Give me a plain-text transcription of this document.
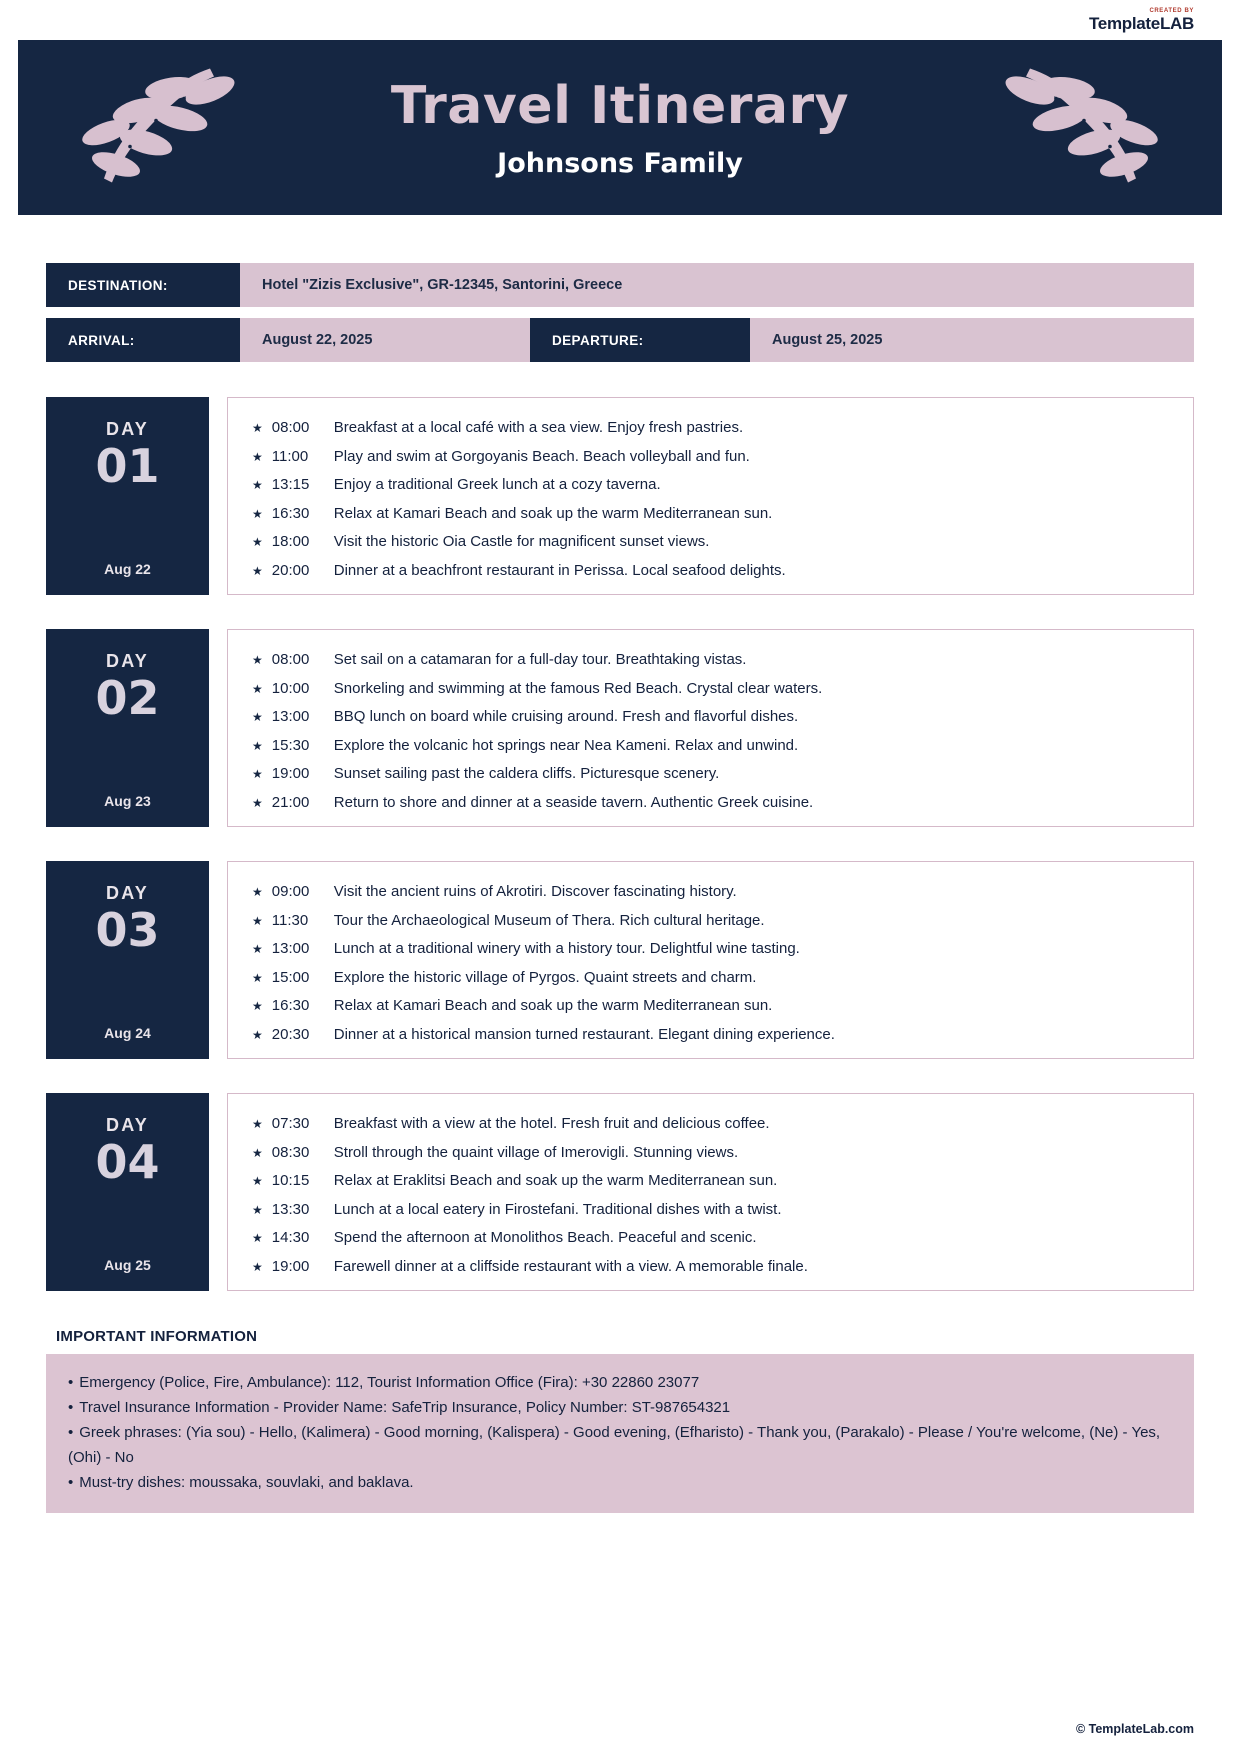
CREATED BY
TemplateLAB
Travel Itinerary
Johnsons Family
DESTINATION:	Hotel "Zizis Exclusive", GR-12345, Santorini, Greece
ARRIVAL:	August 22, 2025	DEPARTURE:	August 25, 2025
DAY
01
Aug 22
★ 08:00	Breakfast at a local café with a sea view. Enjoy fresh pastries.
★ 11:00	Play and swim at Gorgoyanis Beach. Beach volleyball and fun.
★ 13:15	Enjoy a traditional Greek lunch at a cozy taverna.
★ 16:30	Relax at Kamari Beach and soak up the warm Mediterranean sun.
★ 18:00	Visit the historic Oia Castle for magnificent sunset views.
★ 20:00	Dinner at a beachfront restaurant in Perissa. Local seafood delights.
DAY
02
Aug 23
★ 08:00	Set sail on a catamaran for a full-day tour. Breathtaking vistas.
★ 10:00	Snorkeling and swimming at the famous Red Beach. Crystal clear waters.
★ 13:00	BBQ lunch on board while cruising around. Fresh and flavorful dishes.
★ 15:30	Explore the volcanic hot springs near Nea Kameni. Relax and unwind.
★ 19:00	Sunset sailing past the caldera cliffs. Picturesque scenery.
★ 21:00	Return to shore and dinner at a seaside tavern. Authentic Greek cuisine.
DAY
03
Aug 24
★ 09:00	Visit the ancient ruins of Akrotiri. Discover fascinating history.
★ 11:30	Tour the Archaeological Museum of Thera. Rich cultural heritage.
★ 13:00	Lunch at a traditional winery with a history tour. Delightful wine tasting.
★ 15:00	Explore the historic village of Pyrgos. Quaint streets and charm.
★ 16:30	Relax at Kamari Beach and soak up the warm Mediterranean sun.
★ 20:30	Dinner at a historical mansion turned restaurant. Elegant dining experience.
DAY
04
Aug 25
★ 07:30	Breakfast with a view at the hotel. Fresh fruit and delicious coffee.
★ 08:30	Stroll through the quaint village of Imerovigli. Stunning views.
★ 10:15	Relax at Eraklitsi Beach and soak up the warm Mediterranean sun.
★ 13:30	Lunch at a local eatery in Firostefani. Traditional dishes with a twist.
★ 14:30	Spend the afternoon at Monolithos Beach. Peaceful and scenic.
★ 19:00	Farewell dinner at a cliffside restaurant with a view. A memorable finale.
IMPORTANT INFORMATION
• Emergency (Police, Fire, Ambulance): 112, Tourist Information Office (Fira): +30 22860 23077
• Travel Insurance Information - Provider Name: SafeTrip Insurance, Policy Number: ST-987654321
• Greek phrases: (Yia sou) - Hello, (Kalimera) - Good morning, (Kalispera) - Good evening, (Efharisto) - Thank you, (Parakalo) - Please / You're welcome, (Ne) - Yes, (Ohi) - No
• Must-try dishes: moussaka, souvlaki, and baklava.
© TemplateLab.com
